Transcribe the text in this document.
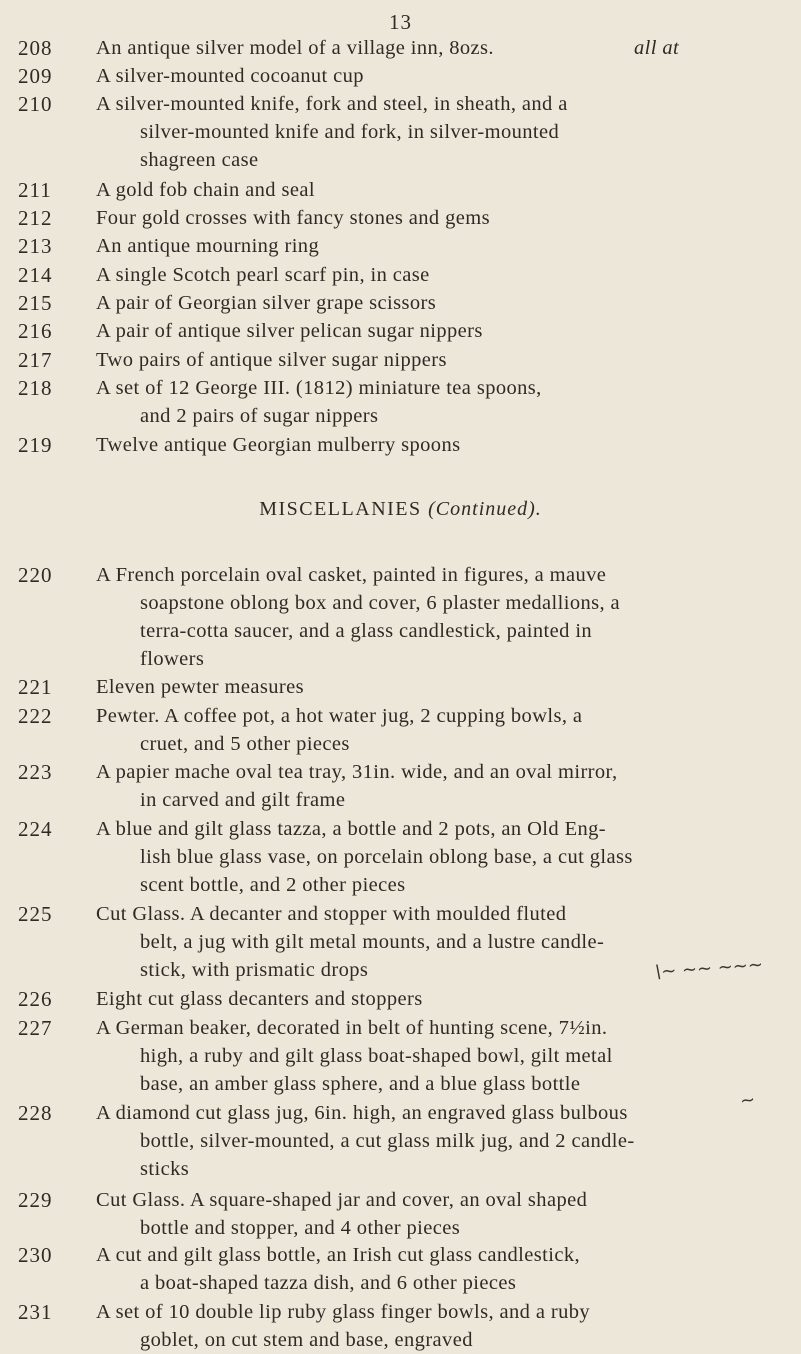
13
208	An antique silver model of a village inn, 8ozs.	all at
209	A silver-mounted cocoanut cup
210	A silver-mounted knife, fork and steel, in sheath, and a
silver-mounted knife and fork, in silver-mounted
shagreen case
211	A gold fob chain and seal
212	Four gold crosses with fancy stones and gems
213	An antique mourning ring
214	A single Scotch pearl scarf pin, in case
215	A pair of Georgian silver grape scissors
216	A pair of antique silver pelican sugar nippers
217	Two pairs of antique silver sugar nippers
218	A set of 12 George III. (1812) miniature tea spoons,
and 2 pairs of sugar nippers
219	Twelve antique Georgian mulberry spoons
220	A French porcelain oval casket, painted in figures, a mauve
soapstone oblong box and cover, 6 plaster medallions, a
terra-cotta saucer, and a glass candlestick, painted in
flowers
221	Eleven pewter measures
222	Pewter. A coffee pot, a hot water jug, 2 cupping bowls, a
cruet, and 5 other pieces
223	A papier mache oval tea tray, 31in. wide, and an oval mirror,
in carved and gilt frame
224	A blue and gilt glass tazza, a bottle and 2 pots, an Old Eng-
lish blue glass vase, on porcelain oblong base, a cut glass
scent bottle, and 2 other pieces
225	Cut Glass. A decanter and stopper with moulded fluted
belt, a jug with gilt metal mounts, and a lustre candle-
stick, with prismatic drops
226	Eight cut glass decanters and stoppers
227	A German beaker, decorated in belt of hunting scene, 7½in.
high, a ruby and gilt glass boat-shaped bowl, gilt metal
base, an amber glass sphere, and a blue glass bottle
228	A diamond cut glass jug, 6in. high, an engraved glass bulbous
bottle, silver-mounted, a cut glass milk jug, and 2 candle-
sticks
229	Cut Glass. A square-shaped jar and cover, an oval shaped
bottle and stopper, and 4 other pieces
230	A cut and gilt glass bottle, an Irish cut glass candlestick,
a boat-shaped tazza dish, and 6 other pieces
231	A set of 10 double lip ruby glass finger bowls, and a ruby
goblet, on cut stem and base, engraved
MISCELLANIES (Continued).
\~ ~~ ~~~
~
